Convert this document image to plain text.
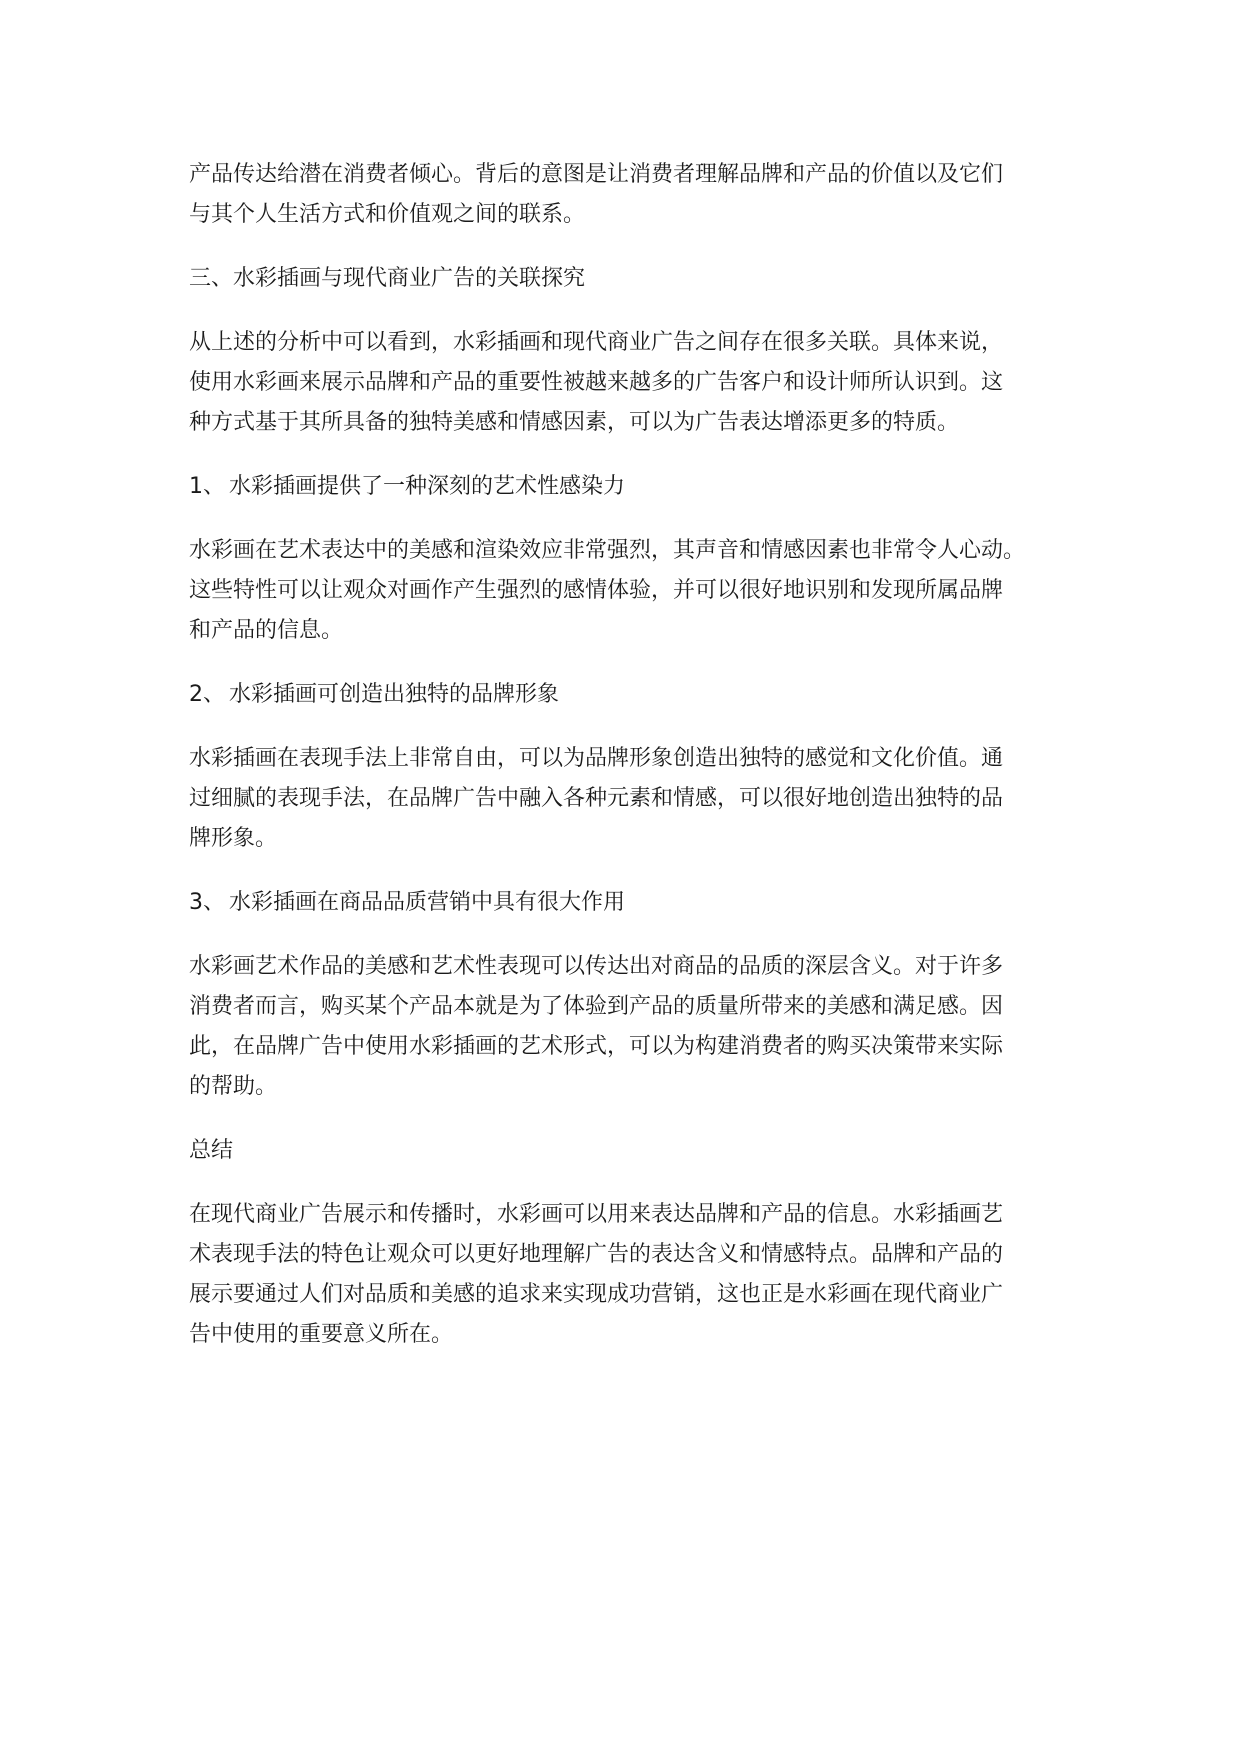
产品传达给潜在消费者倾心。背后的意图是让消费者理解品牌和产品的价值以及它们
与其个人生活方式和价值观之间的联系。
三、水彩插画与现代商业广告的关联探究
从上述的分析中可以看到，水彩插画和现代商业广告之间存在很多关联。具体来说，
使用水彩画来展示品牌和产品的重要性被越来越多的广告客户和设计师所认识到。这
种方式基于其所具备的独特美感和情感因素，可以为广告表达增添更多的特质。
1、 水彩插画提供了一种深刻的艺术性感染力
水彩画在艺术表达中的美感和渲染效应非常强烈，其声音和情感因素也非常令人心动。
这些特性可以让观众对画作产生强烈的感情体验，并可以很好地识别和发现所属品牌
和产品的信息。
2、 水彩插画可创造出独特的品牌形象
水彩插画在表现手法上非常自由，可以为品牌形象创造出独特的感觉和文化价值。通
过细腻的表现手法，在品牌广告中融入各种元素和情感，可以很好地创造出独特的品
牌形象。
3、 水彩插画在商品品质营销中具有很大作用
水彩画艺术作品的美感和艺术性表现可以传达出对商品的品质的深层含义。对于许多
消费者而言，购买某个产品本就是为了体验到产品的质量所带来的美感和满足感。因
此，在品牌广告中使用水彩插画的艺术形式，可以为构建消费者的购买决策带来实际
的帮助。
总结
在现代商业广告展示和传播时，水彩画可以用来表达品牌和产品的信息。水彩插画艺
术表现手法的特色让观众可以更好地理解广告的表达含义和情感特点。品牌和产品的
展示要通过人们对品质和美感的追求来实现成功营销，这也正是水彩画在现代商业广
告中使用的重要意义所在。
